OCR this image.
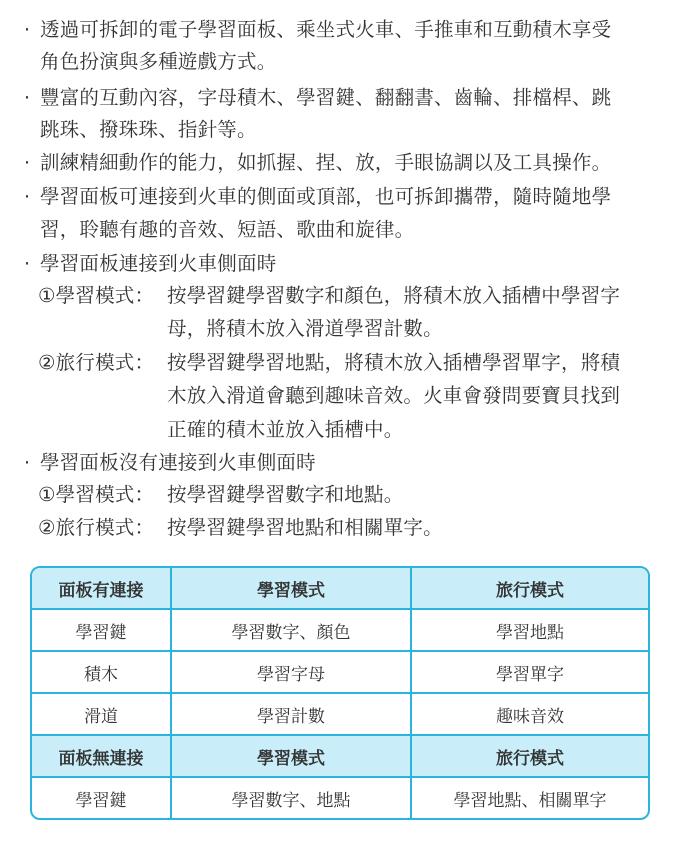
· 透過可拆卸的電子學習面板、乘坐式火車、手推車和互動積木享受
角色扮演與多種遊戲方式。
· 豐富的互動內容，字母積木、學習鍵、翻翻書、齒輪、排檔桿、跳
跳珠、撥珠珠、指針等。
· 訓練精細動作的能力，如抓握、捏、放，手眼協調以及工具操作。
· 學習面板可連接到火車的側面或頂部，也可拆卸攜帶，隨時隨地學
習，聆聽有趣的音效、短語、歌曲和旋律。
· 學習面板連接到火車側面時
①學習模式： 按學習鍵學習數字和顏色，將積木放入插槽中學習字
母，將積木放入滑道學習計數。
②旅行模式： 按學習鍵學習地點，將積木放入插槽學習單字，將積
木放入滑道會聽到趣味音效。火車會發問要寶貝找到
正確的積木並放入插槽中。
· 學習面板沒有連接到火車側面時
①學習模式： 按學習鍵學習數字和地點。
②旅行模式： 按學習鍵學習地點和相關單字。
面板有連接	學習模式	旅行模式
學習鍵	學習數字、顏色	學習地點
積木	學習字母	學習單字
滑道	學習計數	趣味音效
面板無連接	學習模式	旅行模式
學習鍵	學習數字、地點	學習地點、相關單字
